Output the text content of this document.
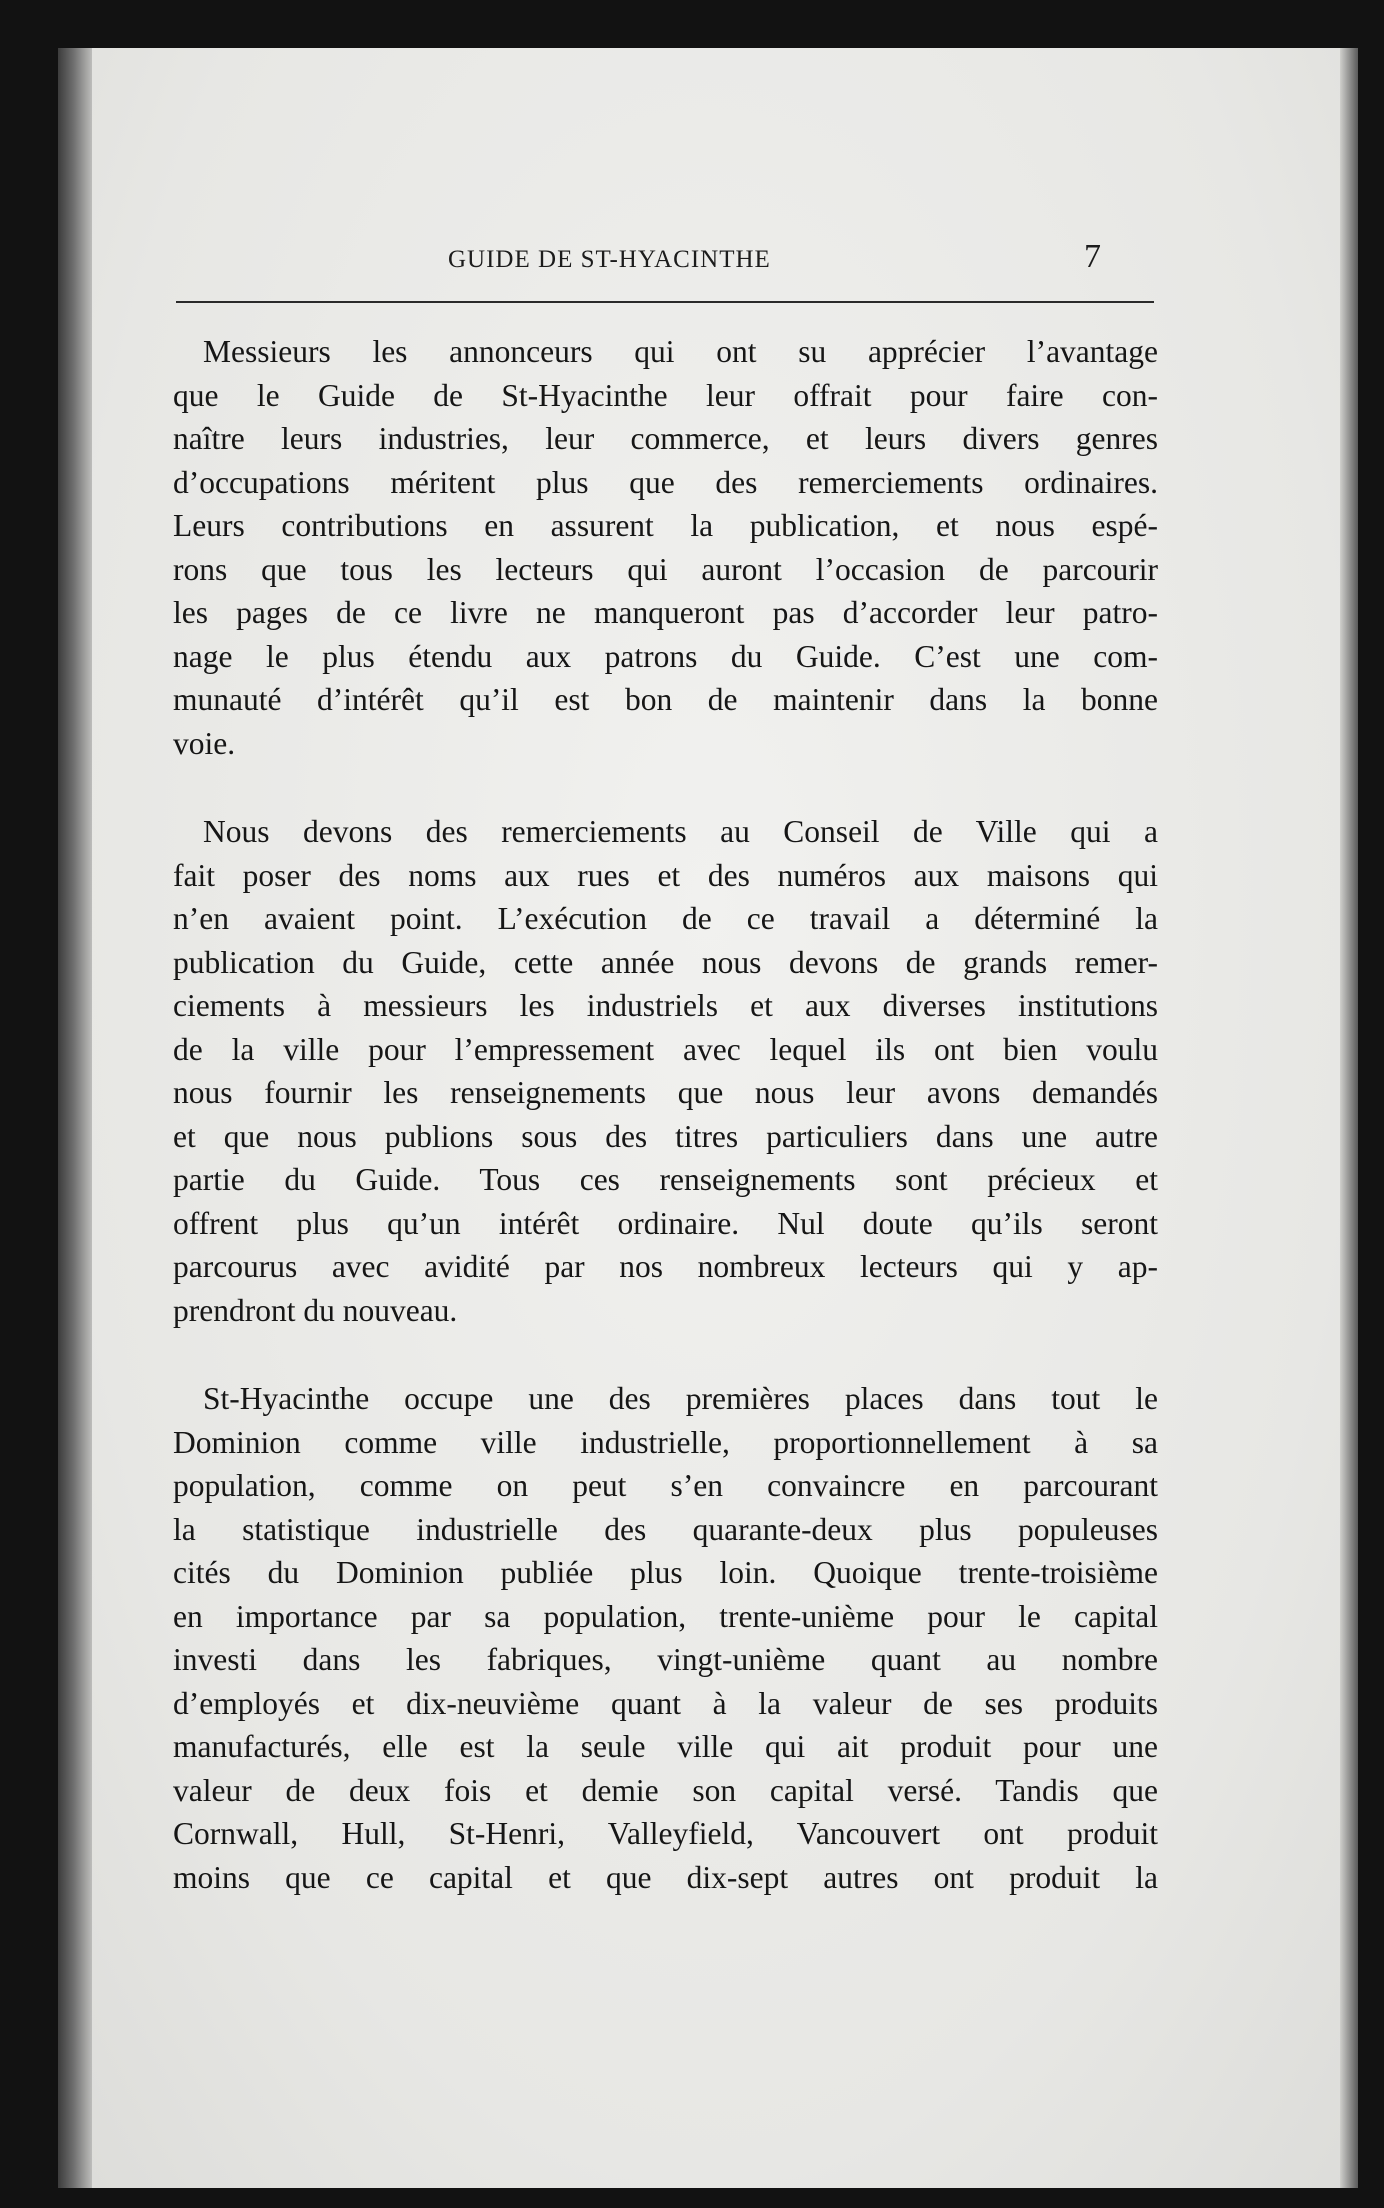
GUIDE DE ST-HYACINTHE	7
Messieurs les annonceurs qui ont su apprécier l’avantage
que le Guide de St-Hyacinthe leur offrait pour faire con-
naître leurs industries, leur commerce, et leurs divers genres
d’occupations méritent plus que des remerciements ordinaires.
Leurs contributions en assurent la publication, et nous espé-
rons que tous les lecteurs qui auront l’occasion de parcourir
les pages de ce livre ne manqueront pas d’accorder leur patro-
nage le plus étendu aux patrons du Guide. C’est une com-
munauté d’intérêt qu’il est bon de maintenir dans la bonne
voie.
Nous devons des remerciements au Conseil de Ville qui a
fait poser des noms aux rues et des numéros aux maisons qui
n’en avaient point. L’exécution de ce travail a déterminé la
publication du Guide, cette année nous devons de grands remer-
ciements à messieurs les industriels et aux diverses institutions
de la ville pour l’empressement avec lequel ils ont bien voulu
nous fournir les renseignements que nous leur avons demandés
et que nous publions sous des titres particuliers dans une autre
partie du Guide. Tous ces renseignements sont précieux et
offrent plus qu’un intérêt ordinaire. Nul doute qu’ils seront
parcourus avec avidité par nos nombreux lecteurs qui y ap-
prendront du nouveau.
St-Hyacinthe occupe une des premières places dans tout le
Dominion comme ville industrielle, proportionnellement à sa
population, comme on peut s’en convaincre en parcourant
la statistique industrielle des quarante-deux plus populeuses
cités du Dominion publiée plus loin. Quoique trente-troisième
en importance par sa population, trente-unième pour le capital
investi dans les fabriques, vingt-unième quant au nombre
d’employés et dix-neuvième quant à la valeur de ses produits
manufacturés, elle est la seule ville qui ait produit pour une
valeur de deux fois et demie son capital versé. Tandis que
Cornwall, Hull, St-Henri, Valleyfield, Vancouvert ont produit
moins que ce capital et que dix-sept autres ont produit la
